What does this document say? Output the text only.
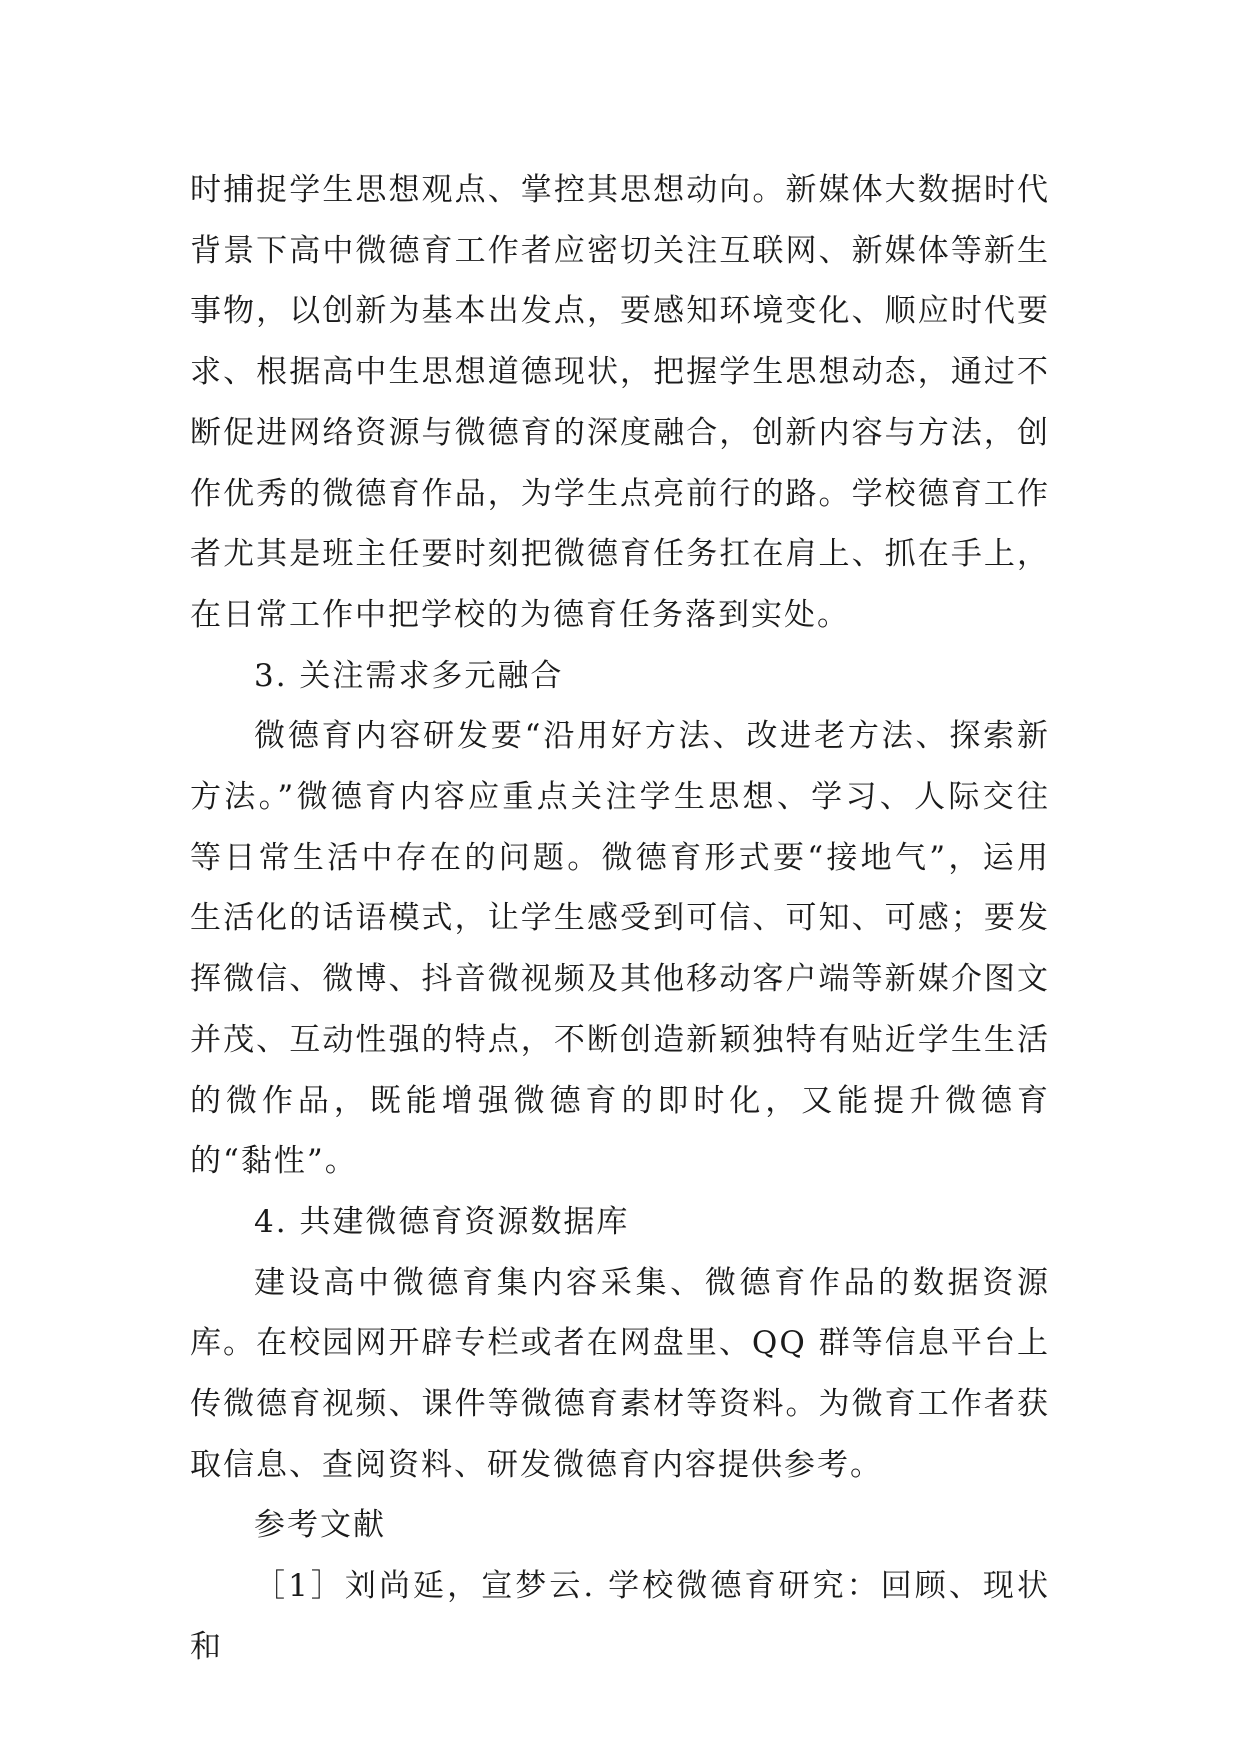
时捕捉学生思想观点、掌控其思想动向。新媒体大数据时代背景下高中微德育工作者应密切关注互联网、新媒体等新生事物，以创新为基本出发点，要感知环境变化、顺应时代要求、根据高中生思想道德现状，把握学生思想动态，通过不断促进网络资源与微德育的深度融合，创新内容与方法，创作优秀的微德育作品，为学生点亮前行的路。学校德育工作者尤其是班主任要时刻把微德育任务扛在肩上、抓在手上，在日常工作中把学校的为德育任务落到实处。

3. 关注需求多元融合

微德育内容研发要“沿用好方法、改进老方法、探索新方法。”微德育内容应重点关注学生思想、学习、人际交往等日常生活中存在的问题。微德育形式要“接地气”，运用生活化的话语模式，让学生感受到可信、可知、可感；要发挥微信、微博、抖音微视频及其他移动客户端等新媒介图文并茂、互动性强的特点，不断创造新颖独特有贴近学生生活的微作品，既能增强微德育的即时化，又能提升微德育的“黏性”。

4. 共建微德育资源数据库

建设高中微德育集内容采集、微德育作品的数据资源库。在校园网开辟专栏或者在网盘里、QQ 群等信息平台上传微德育视频、课件等微德育素材等资料。为微育工作者获取信息、查阅资料、研发微德育内容提供参考。

参考文献

［1］刘尚延，宣梦云. 学校微德育研究：回顾、现状和
